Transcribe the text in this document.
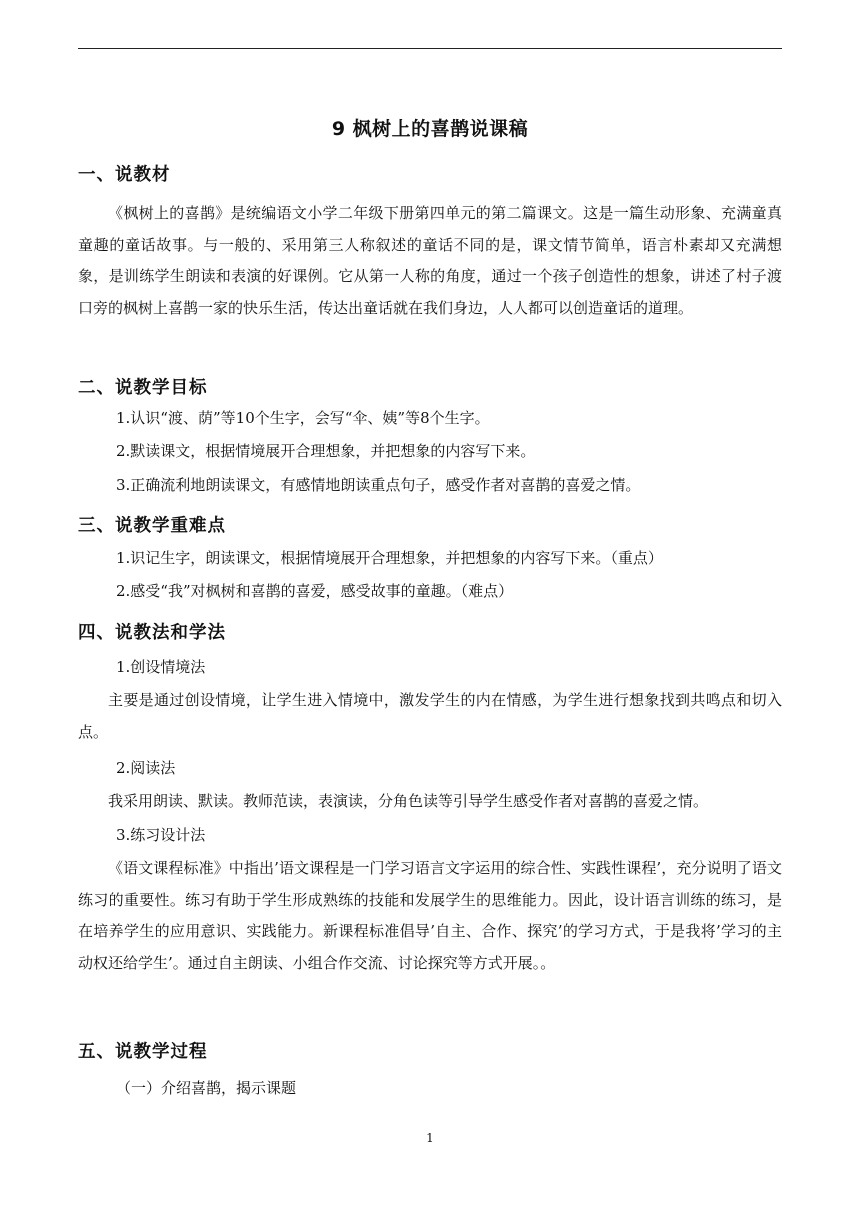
9 枫树上的喜鹊说课稿
一、说教材
《枫树上的喜鹊》是统编语文小学二年级下册第四单元的第二篇课文。这是一篇生动形象、充满童真童趣的童话故事。与一般的、采用第三人称叙述的童话不同的是，课文情节简单，语言朴素却又充满想象，是训练学生朗读和表演的好课例。它从第一人称的角度，通过一个孩子创造性的想象，讲述了村子渡口旁的枫树上喜鹊一家的快乐生活，传达出童话就在我们身边，人人都可以创造童话的道理。
二、说教学目标
1.认识“渡、荫”等10个生字，会写“伞、姨”等8个生字。
2.默读课文，根据情境展开合理想象，并把想象的内容写下来。
3.正确流利地朗读课文，有感情地朗读重点句子，感受作者对喜鹊的喜爱之情。
三、说教学重难点
1.识记生字，朗读课文，根据情境展开合理想象，并把想象的内容写下来。（重点）
2.感受“我”对枫树和喜鹊的喜爱，感受故事的童趣。（难点）
四、说教法和学法
1.创设情境法
主要是通过创设情境，让学生进入情境中，激发学生的内在情感，为学生进行想象找到共鸣点和切入点。
2.阅读法
我采用朗读、默读。教师范读，表演读，分角色读等引导学生感受作者对喜鹊的喜爱之情。
3.练习设计法
《语文课程标准》中指出’语文课程是一门学习语言文字运用的综合性、实践性课程’，充分说明了语文练习的重要性。练习有助于学生形成熟练的技能和发展学生的思维能力。因此，设计语言训练的练习，是在培养学生的应用意识、实践能力。新课程标准倡导’自主、合作、探究’的学习方式，于是我将’学习的主动权还给学生’。通过自主朗读、小组合作交流、讨论探究等方式开展。。
五、说教学过程
（一）介绍喜鹊，揭示课题
1
